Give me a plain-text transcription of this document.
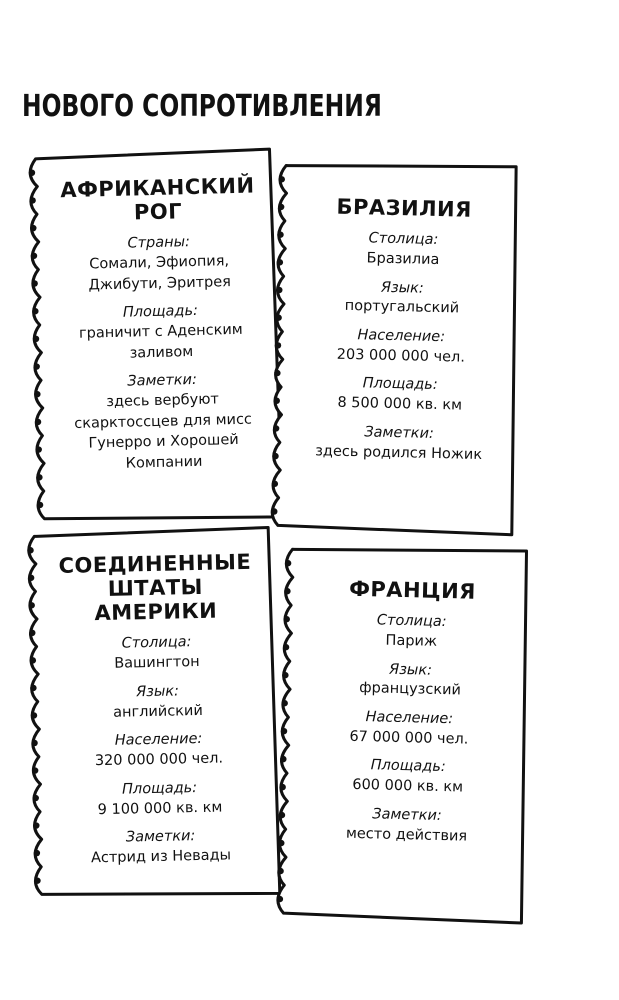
НОВОГО СОПРОТИВЛЕНИЯ
АФРИКАНСКИЙ
РОГ
Страны:
Сомали, Эфиопия,
Джибути, Эритрея
Площадь:
граничит с Аденским
заливом
Заметки:
здесь вербуют
скарктоссцев для мисс
Гунерро и Хорошей
Компании
БРАЗИЛИЯ
Столица:
Бразилиа
Язык:
португальский
Население:
203 000 000 чел.
Площадь:
8 500 000 кв. км
Заметки:
здесь родился Ножик
СОЕДИНЕННЫЕ
ШТАТЫ АМЕРИКИ
Столица:
Вашингтон
Язык:
английский
Население:
320 000 000 чел.
Площадь:
9 100 000 кв. км
Заметки:
Астрид из Невады
ФРАНЦИЯ
Столица:
Париж
Язык:
французский
Население:
67 000 000 чел.
Площадь:
600 000 кв. км
Заметки:
место действия
